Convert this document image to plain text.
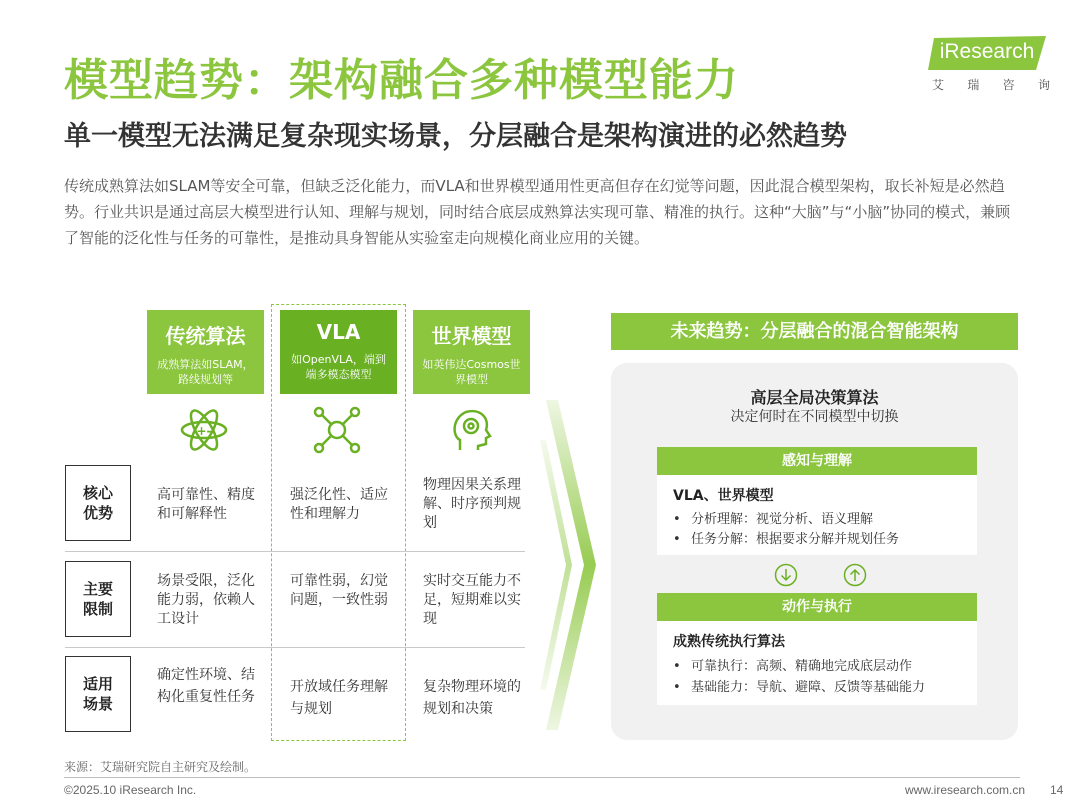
模型趋势：架构融合多种模型能力
单一模型无法满足复杂现实场景，分层融合是架构演进的必然趋势
传统成熟算法如SLAM等安全可靠，但缺乏泛化能力，而VLA和世界模型通用性更高但存在幻觉等问题，因此混合模型架构，取长补短是必然趋势。行业共识是通过高层大模型进行认知、理解与规划，同时结合底层成熟算法实现可靠、精准的执行。这种“大脑”与“小脑”协同的模式，兼顾了智能的泛化性与任务的可靠性，是推动具身智能从实验室走向规模化商业应用的关键。
iResearch
艾 瑞 咨 询
传统算法
成熟算法如SLAM，路线规划等
VLA
如OpenVLA，端到端多模态模型
世界模型
如英伟达Cosmos世界模型
+-
核心优势
主要限制
适用场景
高可靠性、精度和可解释性
强泛化性、适应性和理解力
物理因果关系理解、时序预判规划
场景受限，泛化能力弱，依赖人工设计
可靠性弱，幻觉问题，一致性弱
实时交互能力不足，短期难以实现
确定性环境、结构化重复性任务
开放域任务理解与规划
复杂物理环境的规划和决策
未来趋势：分层融合的混合智能架构
高层全局决策算法
决定何时在不同模型中切换
感知与理解
VLA、世界模型
• 分析理解：视觉分析、语义理解
• 任务分解：根据要求分解并规划任务
动作与执行
成熟传统执行算法
• 可靠执行：高频、精确地完成底层动作
• 基础能力：导航、避障、反馈等基础能力
来源：艾瑞研究院自主研究及绘制。
©2025.10 iResearch Inc.	www.iresearch.com.cn 14
